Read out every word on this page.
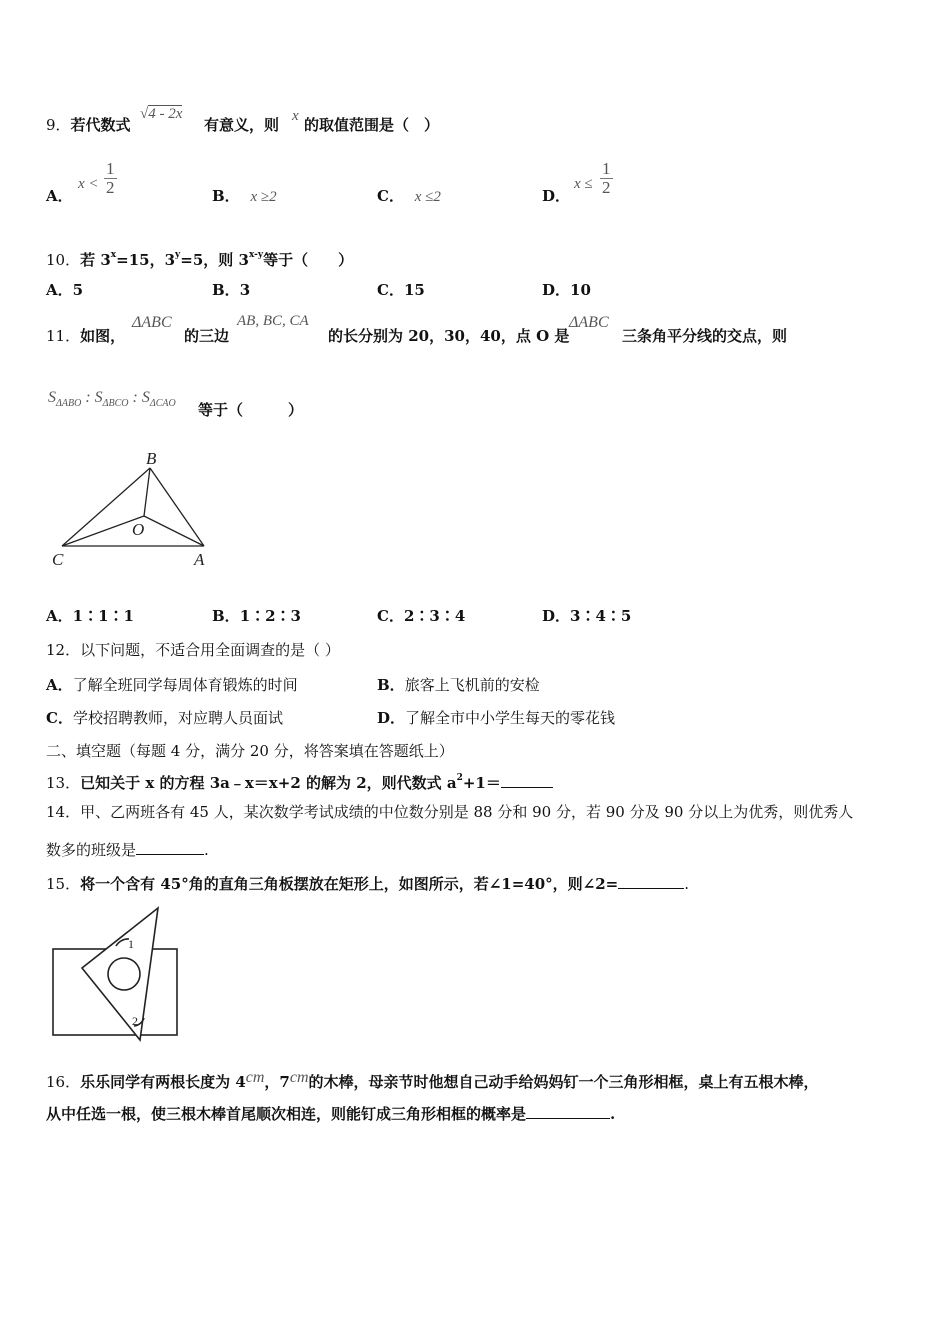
9．若代数式
√4 - 2x
有意义，则 x 的取值范围是（　）
A．
$x < \frac{1}{2}$	B． x ≥2	C． x ≤2	D．
$x \le \frac{1}{2}$
10．若 $3^x=15$，$3^y=5$，则 3$^{x-y}$等于（　　）
A．5	B．3	C．15	D．10
11．如图，
ΔABC
的三边
AB, BC, CA
的长分别为 20，30，40，点 O 是
ΔABC
三条角平分线的交点，则
$S_{\Delta ABO}$ : $S_{\Delta BCO}$ : $S_{\Delta CAO}$ 等于（　　　）
B
O
C	A
A．1∶1∶1	B．1∶2∶3	C．2∶3∶4	D．3∶4∶5
12．以下问题，不适合用全面调查的是（ ）
A．了解全班同学每周体育锻炼的时间	B．旅客上飞机前的安检
C．学校招聘教师，对应聘人员面试	D．了解全市中小学生每天的零花钱
二、填空题（每题 4 分，满分 20 分，将答案填在答题纸上）
13．已知关于 x 的方程 3a﹣x＝x+2 的解为 2，则代数式 $a^2+1=$
14．甲、乙两班各有 45 人，某次数学考试成绩的中位数分别是 88 分和 90 分，若 90 分及 90 分以上为优秀，则优秀人
数多的班级是	.
15．将一个含有 45°角的直角三角板摆放在矩形上，如图所示，若∠1=40°，则∠2=	.
1
2
16．乐乐同学有两根长度为 4cm，7cm的木棒，母亲节时他想自己动手给妈妈钉一个三角形相框，桌上有五根木棒，
从中任选一根，使三根木棒首尾顺次相连，则能钉成三角形相框的概率是	.
